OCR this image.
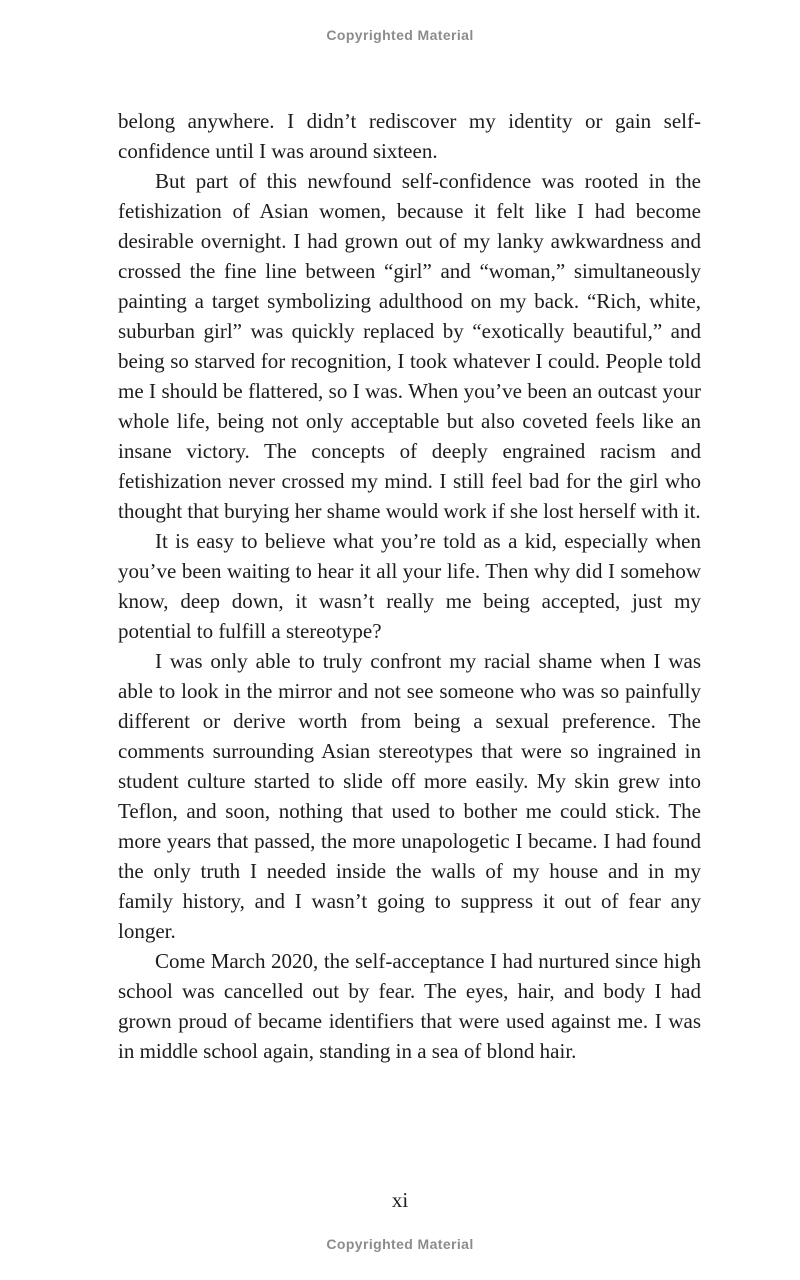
Copyrighted Material

belong anywhere. I didn’t rediscover my identity or gain self-confidence until I was around sixteen.

But part of this newfound self-confidence was rooted in the fetishization of Asian women, because it felt like I had become desirable overnight. I had grown out of my lanky awkwardness and crossed the fine line between “girl” and “woman,” simultaneously painting a target symbolizing adulthood on my back. “Rich, white, suburban girl” was quickly replaced by “exotically beautiful,” and being so starved for recognition, I took whatever I could. People told me I should be flattered, so I was. When you’ve been an outcast your whole life, being not only acceptable but also coveted feels like an insane victory. The concepts of deeply engrained racism and fetishization never crossed my mind. I still feel bad for the girl who thought that burying her shame would work if she lost herself with it.

It is easy to believe what you’re told as a kid, especially when you’ve been waiting to hear it all your life. Then why did I somehow know, deep down, it wasn’t really me being accepted, just my potential to fulfill a stereotype?

I was only able to truly confront my racial shame when I was able to look in the mirror and not see someone who was so painfully different or derive worth from being a sexual preference. The comments surrounding Asian stereotypes that were so ingrained in student culture started to slide off more easily. My skin grew into Teflon, and soon, nothing that used to bother me could stick. The more years that passed, the more unapologetic I became. I had found the only truth I needed inside the walls of my house and in my family history, and I wasn’t going to suppress it out of fear any longer.

Come March 2020, the self-acceptance I had nurtured since high school was cancelled out by fear. The eyes, hair, and body I had grown proud of became identifiers that were used against me. I was in middle school again, standing in a sea of blond hair.

xi
Copyrighted Material
